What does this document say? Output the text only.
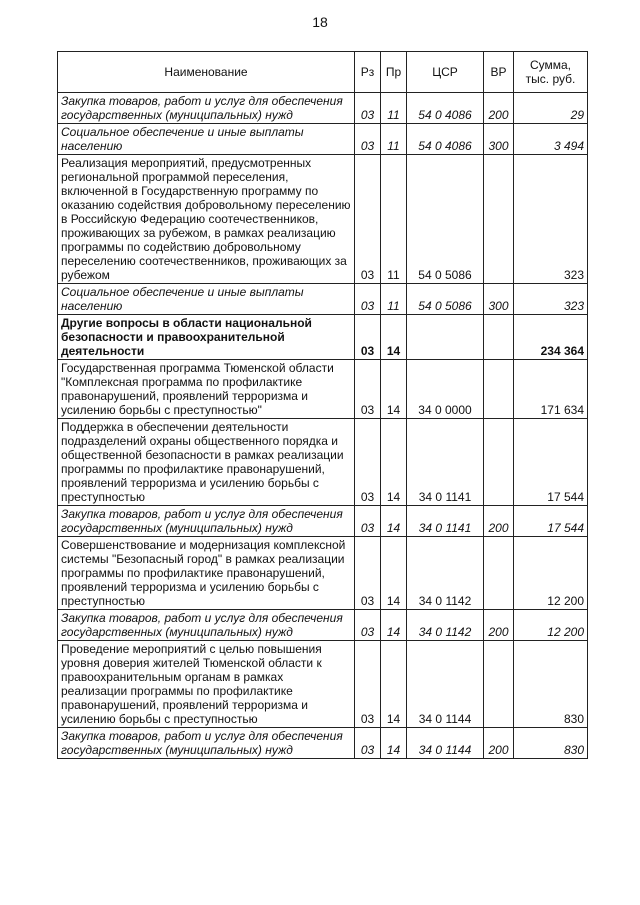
18
Наименование	Рз	Пр	ЦСР	ВР	Сумма, тыс. руб.
Закупка товаров, работ и услуг для обеспечения государственных (муниципальных) нужд	03	11	54 0 4086	200	29
Социальное обеспечение и иные выплаты населению	03	11	54 0 4086	300	3 494
Реализация мероприятий, предусмотренных региональной программой переселения, включенной в Государственную программу по оказанию содействия добровольному переселению в Российскую Федерацию соотечественников, проживающих за рубежом, в рамках реализацию программы по содействию добровольному переселению соотечественников, проживающих за рубежом	03	11	54 0 5086		323
Социальное обеспечение и иные выплаты населению	03	11	54 0 5086	300	323
Другие вопросы в области национальной безопасности и правоохранительной деятельности	03	14			234 364
Государственная программа Тюменской области "Комплексная программа по профилактике правонарушений, проявлений терроризма и усилению борьбы с преступностью"	03	14	34 0 0000		171 634
Поддержка в обеспечении деятельности подразделений охраны общественного порядка и общественной безопасности в рамках реализации программы по профилактике правонарушений, проявлений терроризма и усилению борьбы с преступностью	03	14	34 0 1141		17 544
Закупка товаров, работ и услуг для обеспечения государственных (муниципальных) нужд	03	14	34 0 1141	200	17 544
Совершенствование и модернизация комплексной системы "Безопасный город" в рамках реализации программы по профилактике правонарушений, проявлений терроризма и усилению борьбы с преступностью	03	14	34 0 1142		12 200
Закупка товаров, работ и услуг для обеспечения государственных (муниципальных) нужд	03	14	34 0 1142	200	12 200
Проведение мероприятий с целью повышения уровня доверия жителей Тюменской области к правоохранительным органам в рамках реализации программы по профилактике правонарушений, проявлений терроризма и усилению борьбы с преступностью	03	14	34 0 1144		830
Закупка товаров, работ и услуг для обеспечения государственных (муниципальных) нужд	03	14	34 0 1144	200	830
